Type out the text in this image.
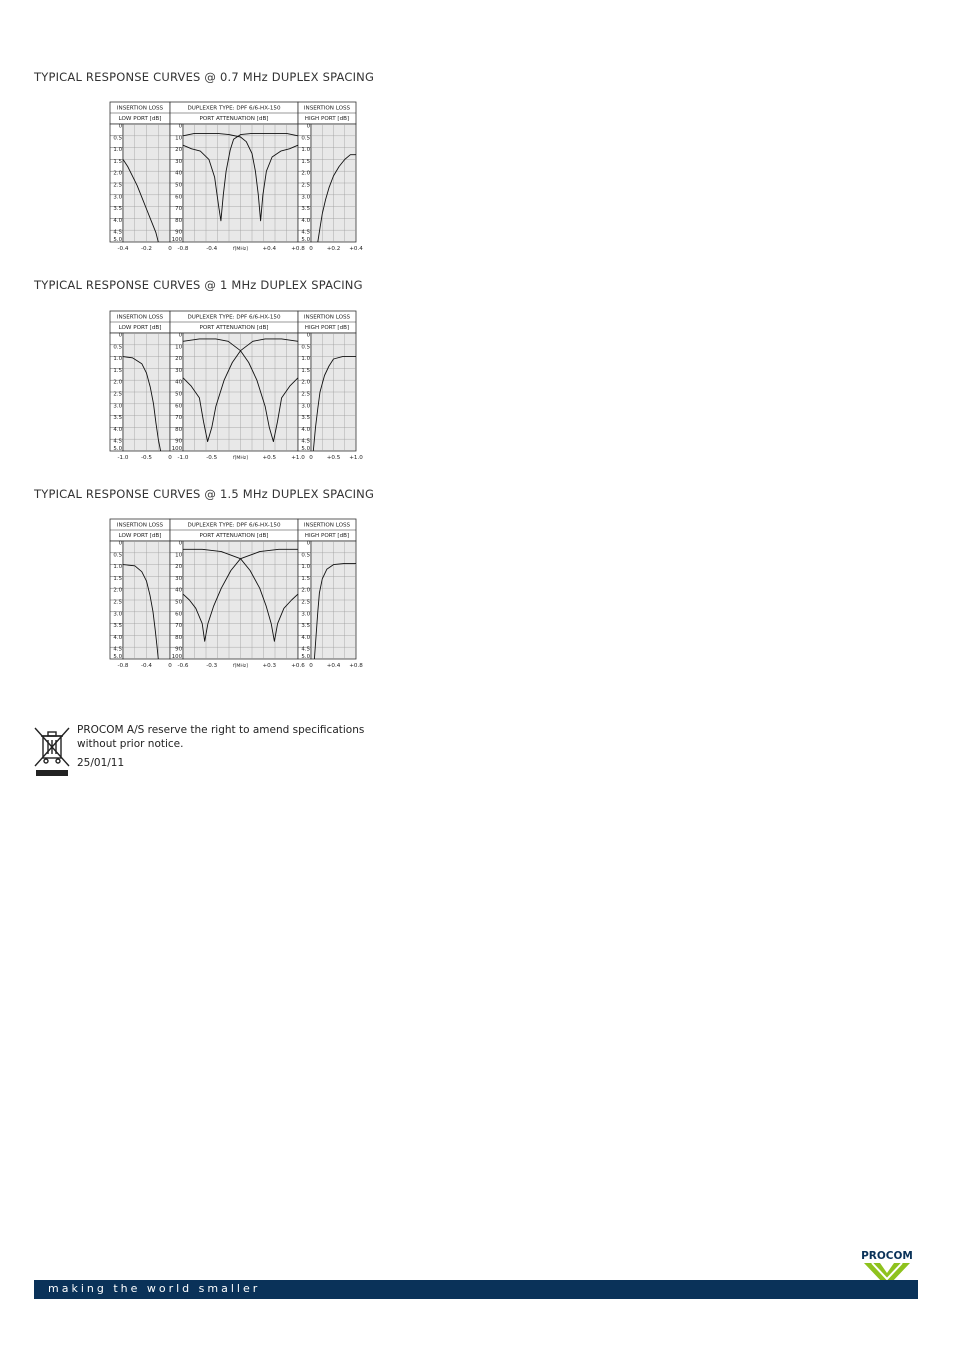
TYPICAL RESPONSE CURVES @ 0.7 MHz DUPLEX SPACING
INSERTION LOSS
LOW PORT [dB]
0
0.5
1.0
1.5
2.0
2.5
3.0
3.5
4.0
4.5
5.0
-0.4 -0.2	0
DUPLEXER TYPE: DPF 6/6-HX-150
PORT ATTENUATION [dB]
0
10
20
30
40
50
60
70
80
90
100
-0.8	-0.4	f[MHz]	+0.4	+0.8
INSERTION LOSS
HIGH PORT [dB]
0
0.5
1.0
1.5
2.0
2.5
3.0
3.5
4.0
4.5
5.0
0 +0.2 +0.4
TYPICAL RESPONSE CURVES @ 1 MHz DUPLEX SPACING
INSERTION LOSS
LOW PORT [dB]
0
0.5
1.0
1.5
2.0
2.5
3.0
3.5
4.0
4.5
5.0
-1.0 -0.5	0
DUPLEXER TYPE: DPF 6/6-HX-150
PORT ATTENUATION [dB]
0
10
20
30
40
50
60
70
80
90
100
-1.0	-0.5	f[MHz]	+0.5	+1.0
INSERTION LOSS
HIGH PORT [dB]
0
0.5
1.0
1.5
2.0
2.5
3.0
3.5
4.0
4.5
5.0
0 +0.5 +1.0
TYPICAL RESPONSE CURVES @ 1.5 MHz DUPLEX SPACING
INSERTION LOSS
LOW PORT [dB]
0
0.5
1.0
1.5
2.0
2.5
3.0
3.5
4.0
4.5
5.0
-0.8 -0.4	0
DUPLEXER TYPE: DPF 6/6-HX-150
PORT ATTENUATION [dB]
0
10
20
30
40
50
60
70
80
90
100
-0.6	-0.3	f[MHz]	+0.3	+0.6
INSERTION LOSS
HIGH PORT [dB]
0
0.5
1.0
1.5
2.0
2.5
3.0
3.5
4.0
4.5
5.0
0 +0.4 +0.8
PROCOM A/S reserve the right to amend specifications
without prior notice.
25/01/11
PROCOM
making the world smaller
